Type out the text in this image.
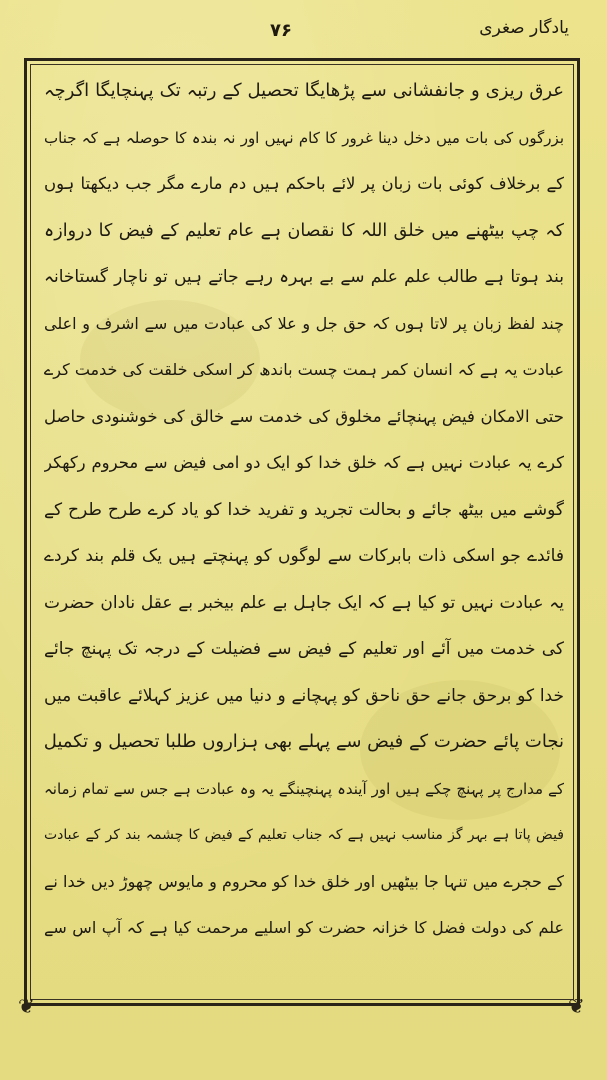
یادگار صغری
۷۶
عرق ریزی و جانفشانی سے پڑھایگا تحصیل کے رتبہ تک پہنچایگا اگرچہ
بزرگوں کی بات میں دخل دینا غرور کا کام نہیں اور نہ بندہ کا حوصلہ ہے کہ جناب
کے برخلاف کوئی بات زبان پر لائے باحکم ہیں دم مارے مگر جب دیکھتا ہوں
کہ چپ بیٹھنے میں خلق اللہ کا نقصان ہے عام تعلیم کے فیض کا دروازہ
بند ہوتا ہے طالب علم علم سے بے بہرہ رہے جاتے ہیں تو ناچار گستاخانہ
چند لفظ زبان پر لاتا ہوں کہ حق جل و علا کی عبادت میں سے اشرف و اعلی
عبادت یہ ہے کہ انسان کمر ہمت چست باندھ کر اسکی خلقت کی خدمت کرے
حتی الامکان فیض پہنچائے مخلوق کی خدمت سے خالق کی خوشنودی حاصل
کرے یہ عبادت نہیں ہے کہ خلق خدا کو ایک دو امی فیض سے محروم رکھکر
گوشے میں بیٹھ جائے و بحالت تجرید و تفرید خدا کو یاد کرے طرح طرح کے
فائدے جو اسکی ذات بابرکات سے لوگوں کو پہنچتے ہیں یک قلم بند کردے
یہ عبادت نہیں تو کیا ہے کہ ایک جاہل بے علم بیخبر بے عقل نادان حضرت
کی خدمت میں آئے اور تعلیم کے فیض سے فضیلت کے درجہ تک پہنچ جائے
خدا کو برحق جانے حق ناحق کو پہچانے و دنیا میں عزیز کہلائے عاقبت میں
نجات پائے حضرت کے فیض سے پہلے بھی ہزاروں طلبا تحصیل و تکمیل
کے مدارج پر پہنچ چکے ہیں اور آیندہ پہنچینگے یہ وہ عبادت ہے جس سے تمام زمانہ
فیض پاتا ہے بہر گز مناسب نہیں ہے کہ جناب تعلیم کے فیض کا چشمہ بند کر کے عبادت
کے حجرے میں تنہا جا بیٹھیں اور خلق خدا کو محروم و مایوس چھوڑ دیں خدا نے
علم کی دولت فضل کا خزانہ حضرت کو اسلیے مرحمت کیا ہے کہ آپ اس سے
❦	❦
